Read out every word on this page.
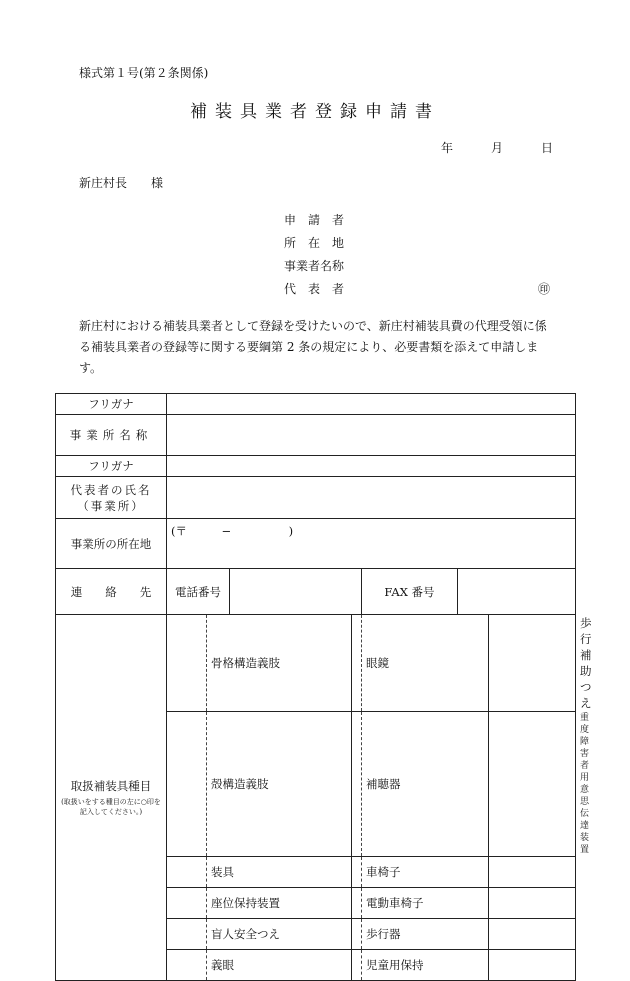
様式第１号(第２条関係)
補装具業者登録申請書
年	月	日
新庄村長　　様
申　請　者
所　在　地
事業者名称
代　表　者	㊞
新庄村における補装具業者として登録を受けたいので、新庄村補装具費の代理受領に係る補装具業者の登録等に関する要綱第 2 条の規定により、必要書類を添えて申請します。
フリガナ								
事業所名称								
フリガナ								

代表者の氏名
（事業所）								

事業所の所在地	(〒　　　−　　　　　)							
連　　絡　　先	電話番号				FAX 番号			

取扱補装具種目
(取扱いをする種目の左に○印を記入してください。)		骨格構造義肢			眼鏡			歩行補助つえ
		殻構造義肢			補聴器			重度障害者用意思伝達装置
		装具			車椅子			
		座位保持装置			電動車椅子			
		盲人安全つえ			歩行器			
		義眼			児童用保持			
